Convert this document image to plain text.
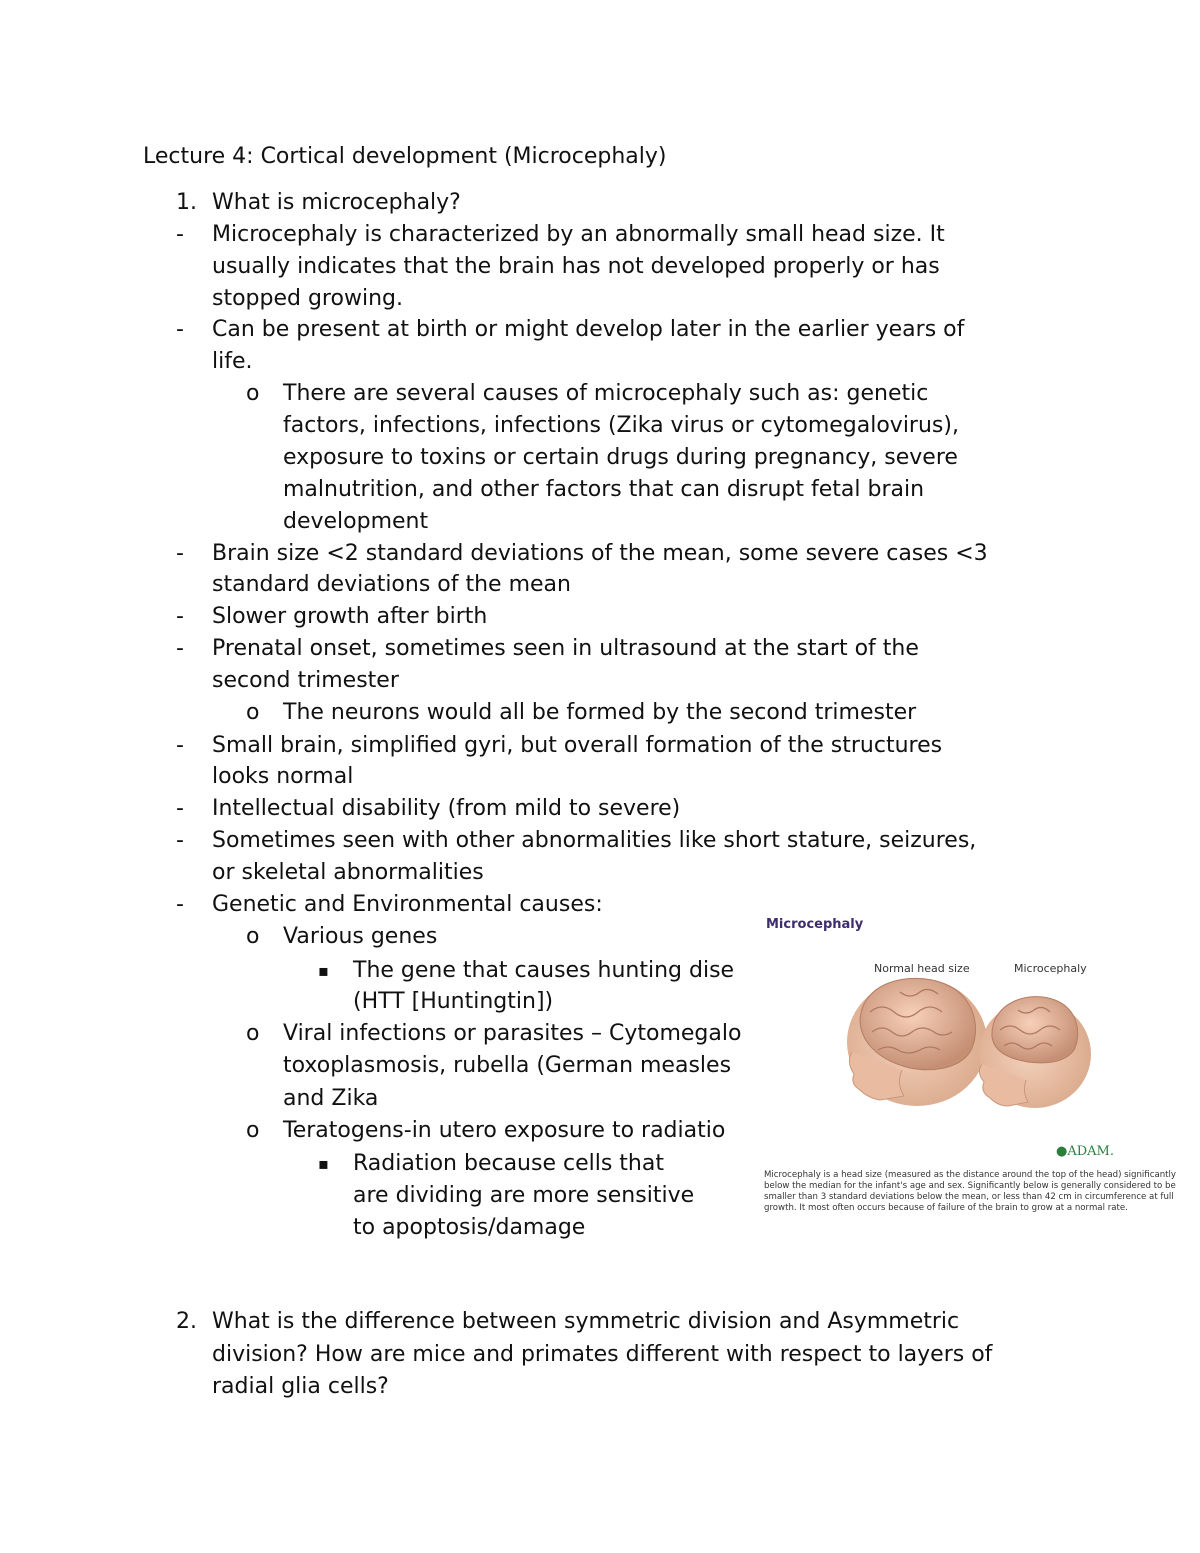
Lecture 4: Cortical development (Microcephaly)
1. What is microcephaly?
- Microcephaly is characterized by an abnormally small head size. It
usually indicates that the brain has not developed properly or has
stopped growing.
- Can be present at birth or might develop later in the earlier years of
life.
o There are several causes of microcephaly such as: genetic
factors, infections, infections (Zika virus or cytomegalovirus),
exposure to toxins or certain drugs during pregnancy, severe
malnutrition, and other factors that can disrupt fetal brain
development
- Brain size <2 standard deviations of the mean, some severe cases <3
standard deviations of the mean
- Slower growth after birth
- Prenatal onset, sometimes seen in ultrasound at the start of the
second trimester
o The neurons would all be formed by the second trimester
- Small brain, simplified gyri, but overall formation of the structures
looks normal
- Intellectual disability (from mild to severe)
- Sometimes seen with other abnormalities like short stature, seizures,
or skeletal abnormalities
- Genetic and Environmental causes:
o Various genes
▪ The gene that causes hunting dise
(HTT [Huntingtin])
o Viral infections or parasites – Cytomegalo
toxoplasmosis, rubella (German measles
and Zika
o Teratogens-in utero exposure to radiatio
▪ Radiation because cells that
are dividing are more sensitive
to apoptosis/damage
2. What is the difference between symmetric division and Asymmetric
division? How are mice and primates different with respect to layers of
radial glia cells?
Microcephaly
Normal head size	Microcephaly
●ADAM.
Microcephaly is a head size (measured as the distance around the top of the head) significantly below the median for the infant's age and sex. Significantly below is generally considered to be smaller than 3 standard deviations below the mean, or less than 42 cm in circumference at full growth. It most often occurs because of failure of the brain to grow at a normal rate.
